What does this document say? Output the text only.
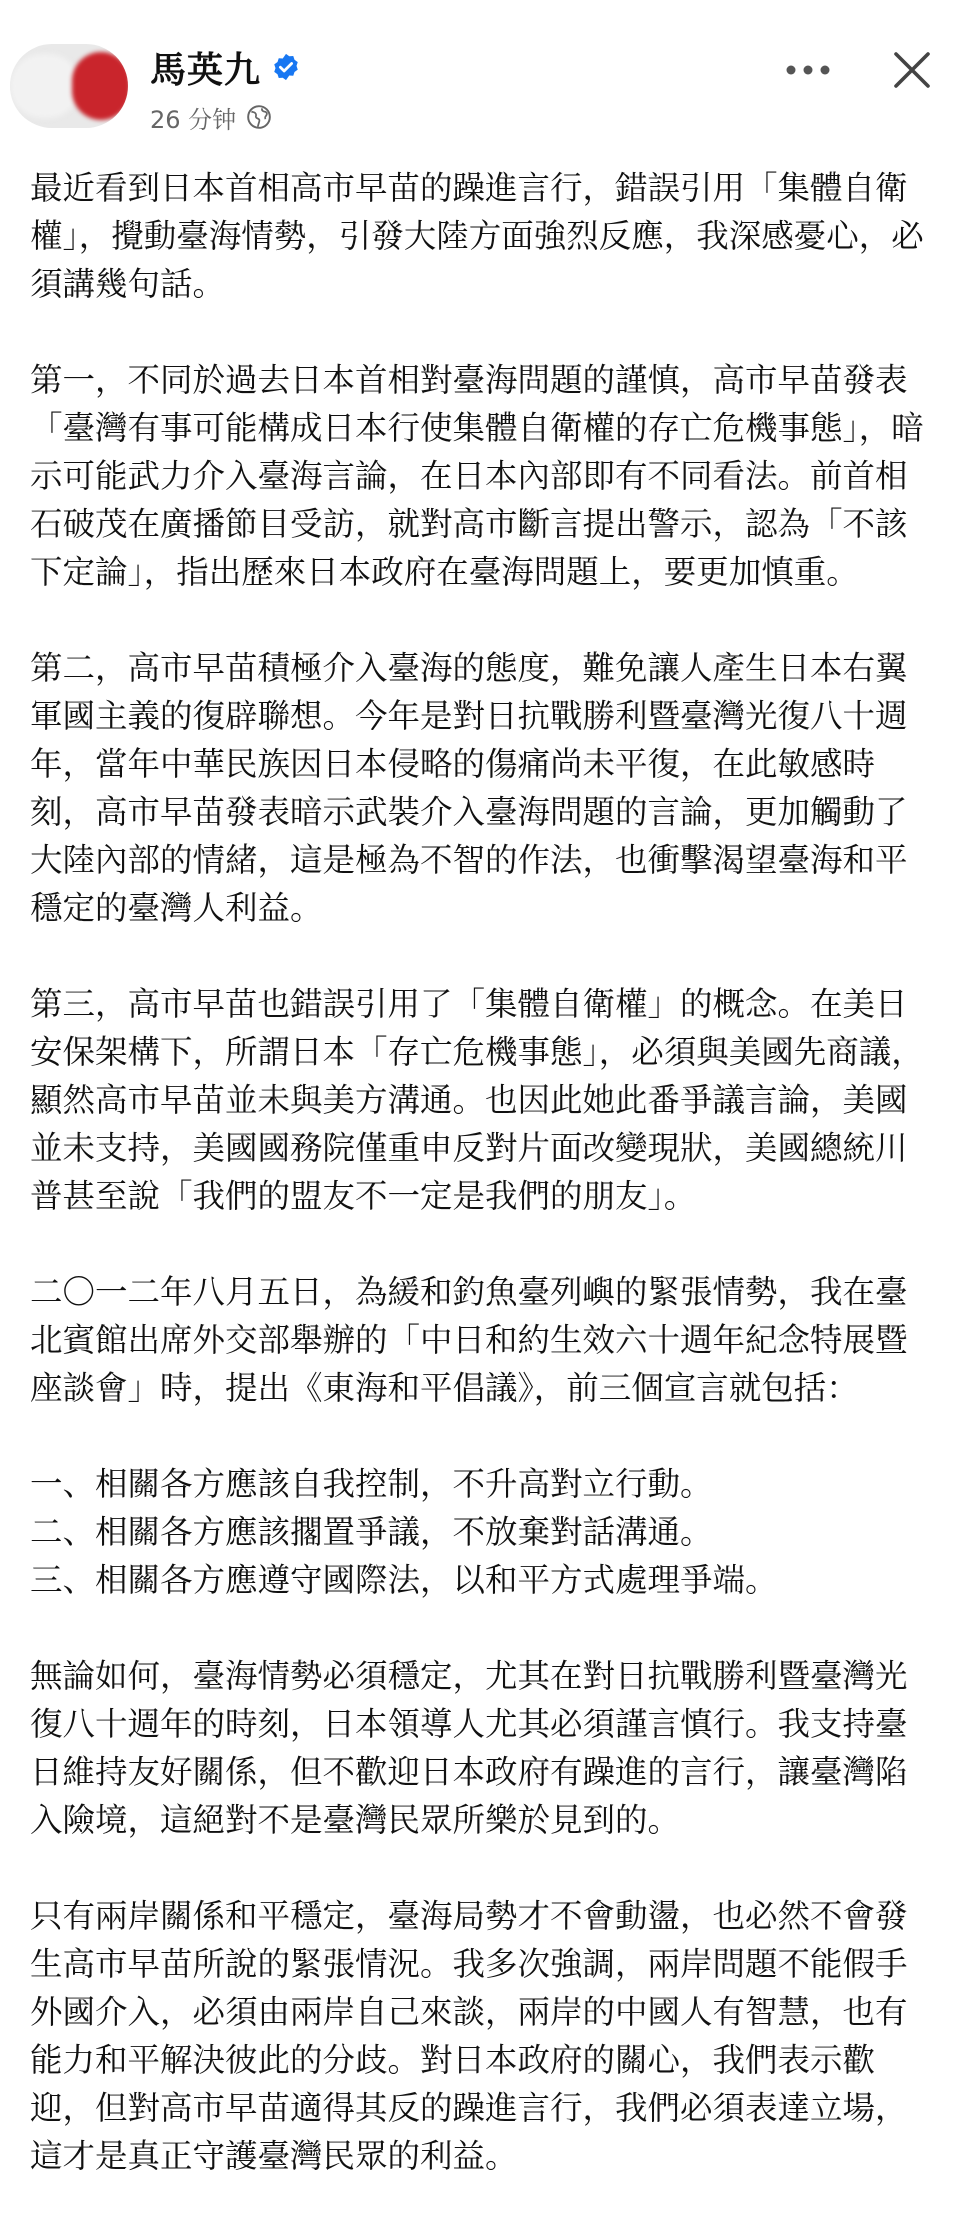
馬英九
26 分钟

最近看到日本首相高市早苗的躁進言行，錯誤引用「集體自衛權」，攪動臺海情勢，引發大陸方面強烈反應，我深感憂心，必須講幾句話。

第一，不同於過去日本首相對臺海問題的謹慎，高市早苗發表「臺灣有事可能構成日本行使集體自衛權的存亡危機事態」，暗示可能武力介入臺海言論，在日本內部即有不同看法。前首相石破茂在廣播節目受訪，就對高市斷言提出警示，認為「不該下定論」，指出歷來日本政府在臺海問題上，要更加慎重。

第二，高市早苗積極介入臺海的態度，難免讓人產生日本右翼軍國主義的復辟聯想。今年是對日抗戰勝利暨臺灣光復八十週年，當年中華民族因日本侵略的傷痛尚未平復，在此敏感時刻，高市早苗發表暗示武裝介入臺海問題的言論，更加觸動了大陸內部的情緒，這是極為不智的作法，也衝擊渴望臺海和平穩定的臺灣人利益。

第三，高市早苗也錯誤引用了「集體自衛權」的概念。在美日安保架構下，所謂日本「存亡危機事態」，必須與美國先商議，顯然高市早苗並未與美方溝通。也因此她此番爭議言論，美國並未支持，美國國務院僅重申反對片面改變現狀，美國總統川普甚至說「我們的盟友不一定是我們的朋友」。

二〇一二年八月五日，為緩和釣魚臺列嶼的緊張情勢，我在臺北賓館出席外交部舉辦的「中日和約生效六十週年紀念特展暨座談會」時，提出《東海和平倡議》，前三個宣言就包括：

一、相關各方應該自我控制，不升高對立行動。
二、相關各方應該擱置爭議，不放棄對話溝通。
三、相關各方應遵守國際法，以和平方式處理爭端。

無論如何，臺海情勢必須穩定，尤其在對日抗戰勝利暨臺灣光復八十週年的時刻，日本領導人尤其必須謹言慎行。我支持臺日維持友好關係，但不歡迎日本政府有躁進的言行，讓臺灣陷入險境，這絕對不是臺灣民眾所樂於見到的。

只有兩岸關係和平穩定，臺海局勢才不會動盪，也必然不會發生高市早苗所說的緊張情況。我多次強調，兩岸問題不能假手外國介入，必須由兩岸自己來談，兩岸的中國人有智慧，也有能力和平解決彼此的分歧。對日本政府的關心，我們表示歡迎，但對高市早苗適得其反的躁進言行，我們必須表達立場，這才是真正守護臺灣民眾的利益。
